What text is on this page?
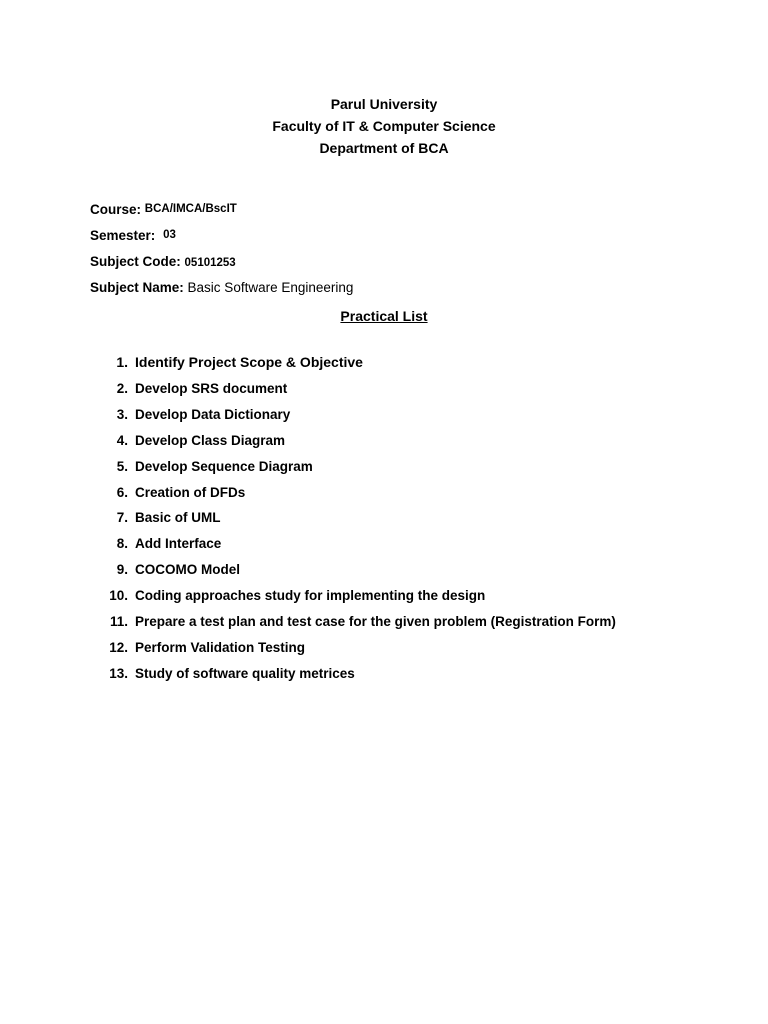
Parul University
Faculty of IT & Computer Science
Department of BCA
Course: BCA/IMCA/BscIT
Semester: 03
Subject Code: 05101253
Subject Name: Basic Software Engineering
Practical List
1. Identify Project Scope & Objective
2. Develop SRS document
3. Develop Data Dictionary
4. Develop Class Diagram
5. Develop Sequence Diagram
6. Creation of DFDs
7. Basic of UML
8. Add Interface
9. COCOMO Model
10. Coding approaches study for implementing the design
11. Prepare a test plan and test case for the given problem (Registration Form)
12. Perform Validation Testing
13. Study of software quality metrices
